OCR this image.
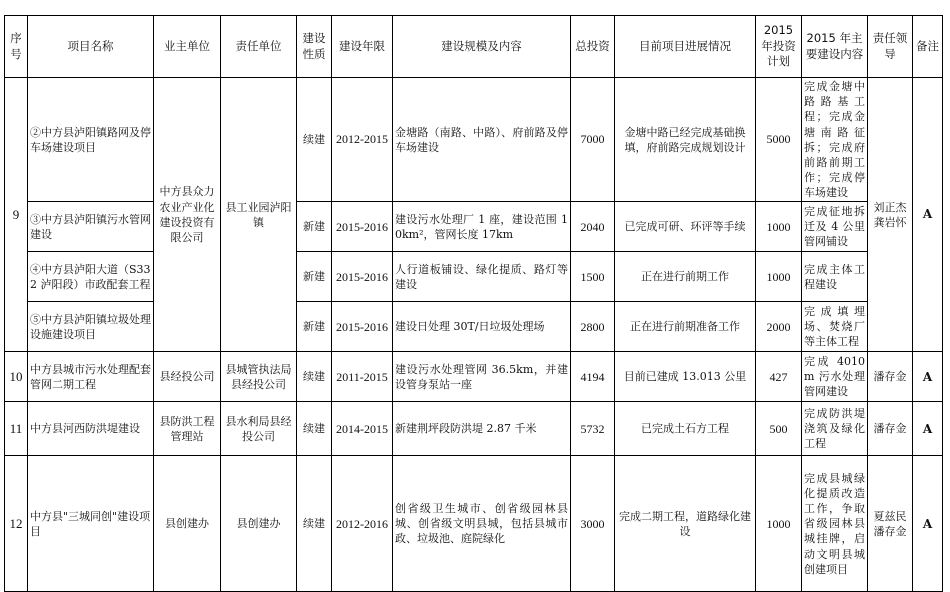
序号	项目名称	业主单位	责任单位	建设性质	建设年限	建设规模及内容	总投资	目前项目进展情况	2015 年投资计划	2015 年主要建设内容	责任领导	备注
9	②中方县泸阳镇路网及停车场建设项目	中方县众力农业产业化建设投资有限公司	县工业园泸阳镇	续建	2012-2015	金塘路（南路、中路）、府前路及停车场建设	7000	金塘中路已经完成基础换填，府前路完成规划设计	5000	完成金塘中路路基工程；完成金塘南路征拆；完成府前路前期工作；完成停车场建设	刘正杰龚岩怀	A
	③中方县泸阳镇污水管网建设			新建	2015-2016	建设污水处理厂 1 座，建设范围 10km²，管网长度 17km	2040	已完成可研、环评等手续	1000	完成征地拆迁及 4 公里管网铺设		
	④中方县泸阳大道（S332 泸阳段）市政配套工程			新建	2015-2016	人行道板铺设、绿化提质、路灯等建设	1500	正在进行前期工作	1000	完成主体工程建设		
	⑤中方县泸阳镇垃圾处理设施建设项目			新建	2015-2016	建设日处理 30T/日垃圾处理场	2800	正在进行前期准备工作	2000	完成填埋场、焚烧厂等主体工程		
10	中方县城市污水处理配套管网二期工程	县经投公司	县城管执法局县经投公司	续建	2011-2015	建设污水处理管网 36.5km，并建设管身泵站一座	4194	目前已建成 13.013 公里	427	完成 4010m 污水处理管网建设	潘存金	A
11	中方县河西防洪堤建设	县防洪工程管理站	县水利局县经投公司	续建	2014-2015	新建荆坪段防洪堤 2.87 千米	5732	已完成土石方工程	500	完成防洪堤浇筑及绿化工程	潘存金	A
12	中方县"三城同创"建设项目	县创建办	县创建办	续建	2012-2016	创省级卫生城市、创省级园林县城、创省级文明县城，包括县城市政、垃圾池、庭院绿化	3000	完成二期工程，道路绿化建设	1000	完成县城绿化提质改造工作，争取省级园林县城挂牌，启动文明县城创建项目	夏兹民潘存金	A
